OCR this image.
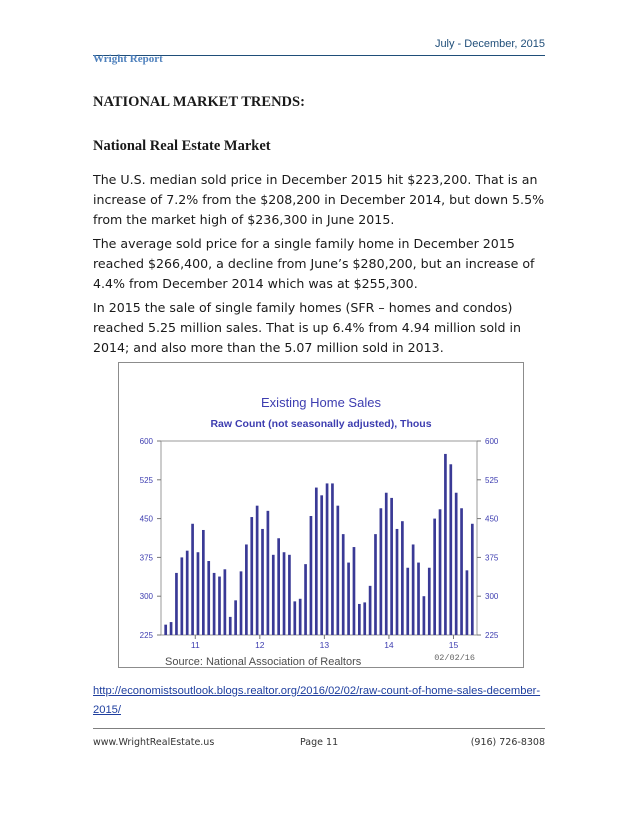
July - December, 2015
Wright Report
NATIONAL MARKET TRENDS:
National Real Estate Market

The U.S. median sold price in December 2015 hit $223,200. That is an increase of 7.2% from the $208,200 in December 2014, but down 5.5% from the market high of $236,300 in June 2015.

The average sold price for a single family home in December 2015 reached $266,400, a decline from June’s $280,200, but an increase of 4.4% from December 2014 which was at $255,300.

In 2015 the sale of single family homes (SFR – homes and condos) reached 5.25 million sales. That is up 6.4% from 4.94 million sold in 2014; and also more than the 5.07 million sold in 2013.

Existing Home Sales
Raw Count (not seasonally adjusted), Thous
225	225
300	300
375	375
450	450
525	525
600	600
11	12	13	14	15
Source: National Association of Realtors	02/02/16
http://economistsoutlook.blogs.realtor.org/2016/02/02/raw-count-of-home-sales-december-2015/
www.WrightRealEstate.us	Page 11	(916) 726-8308
